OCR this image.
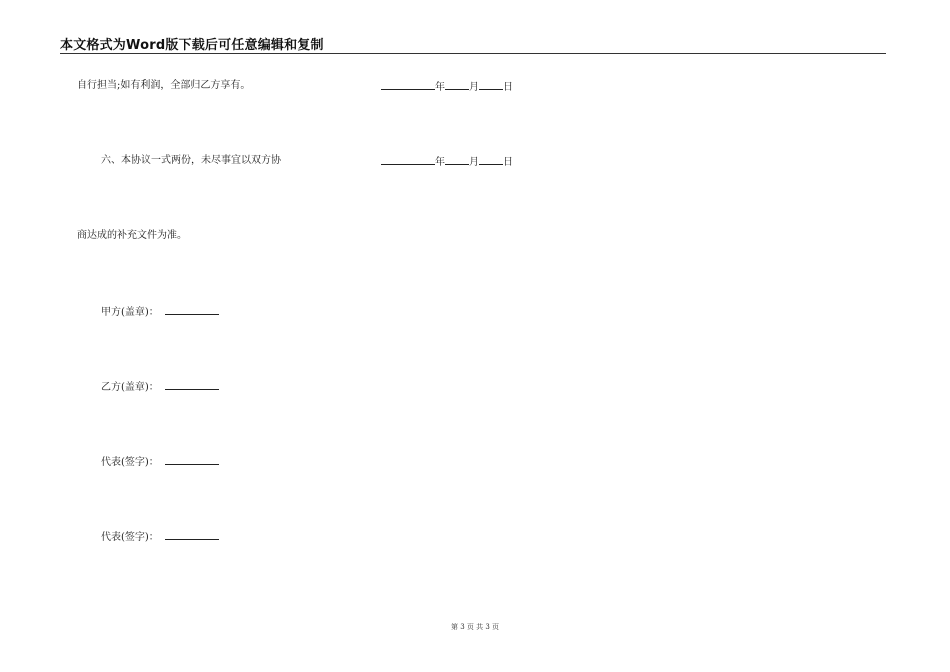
本文格式为Word版下载后可任意编辑和复制
自行担当;如有利润，全部归乙方享有。	年 月 日
六、本协议一式两份，未尽事宜以双方协	年 月 日
商达成的补充文件为准。
甲方(盖章)：
乙方(盖章)：
代表(签字)：
代表(签字)：
第 3 页 共 3 页
